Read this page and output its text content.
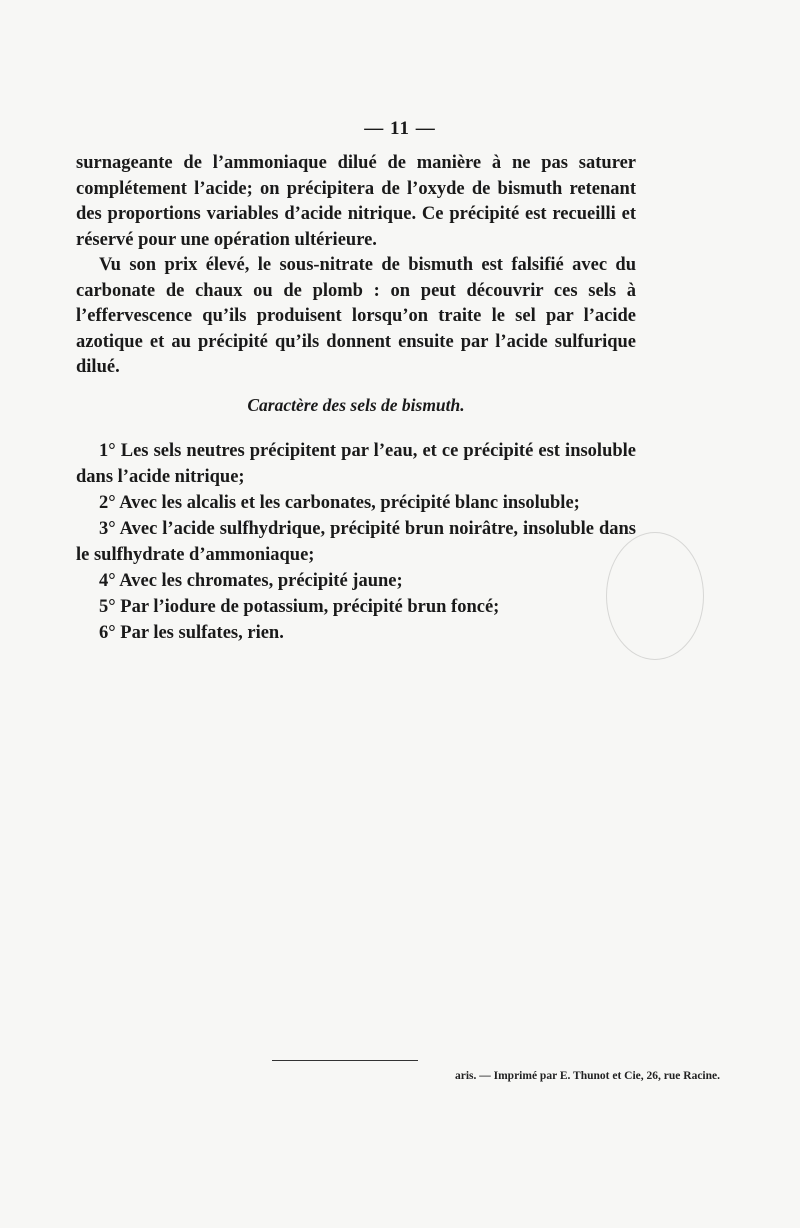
— 11 —

surnageante de l’ammoniaque dilué de manière à ne pas saturer complétement l’acide; on précipitera de l’oxyde de bismuth retenant des proportions variables d’acide nitrique. Ce précipité est recueilli et réservé pour une opération ultérieure.

Vu son prix élevé, le sous-nitrate de bismuth est falsifié avec du carbonate de chaux ou de plomb : on peut découvrir ces sels à l’effervescence qu’ils produisent lorsqu’on traite le sel par l’acide azotique et au précipité qu’ils donnent ensuite par l’acide sulfurique dilué.

Caractère des sels de bismuth.

1° Les sels neutres précipitent par l’eau, et ce précipité est insoluble dans l’acide nitrique;

2° Avec les alcalis et les carbonates, précipité blanc insoluble;

3° Avec l’acide sulfhydrique, précipité brun noirâtre, insoluble dans le sulfhydrate d’ammoniaque;

4° Avec les chromates, précipité jaune;

5° Par l’iodure de potassium, précipité brun foncé;

6° Par les sulfates, rien.

aris. — Imprimé par E. Thunot et Cie, 26, rue Racine.
